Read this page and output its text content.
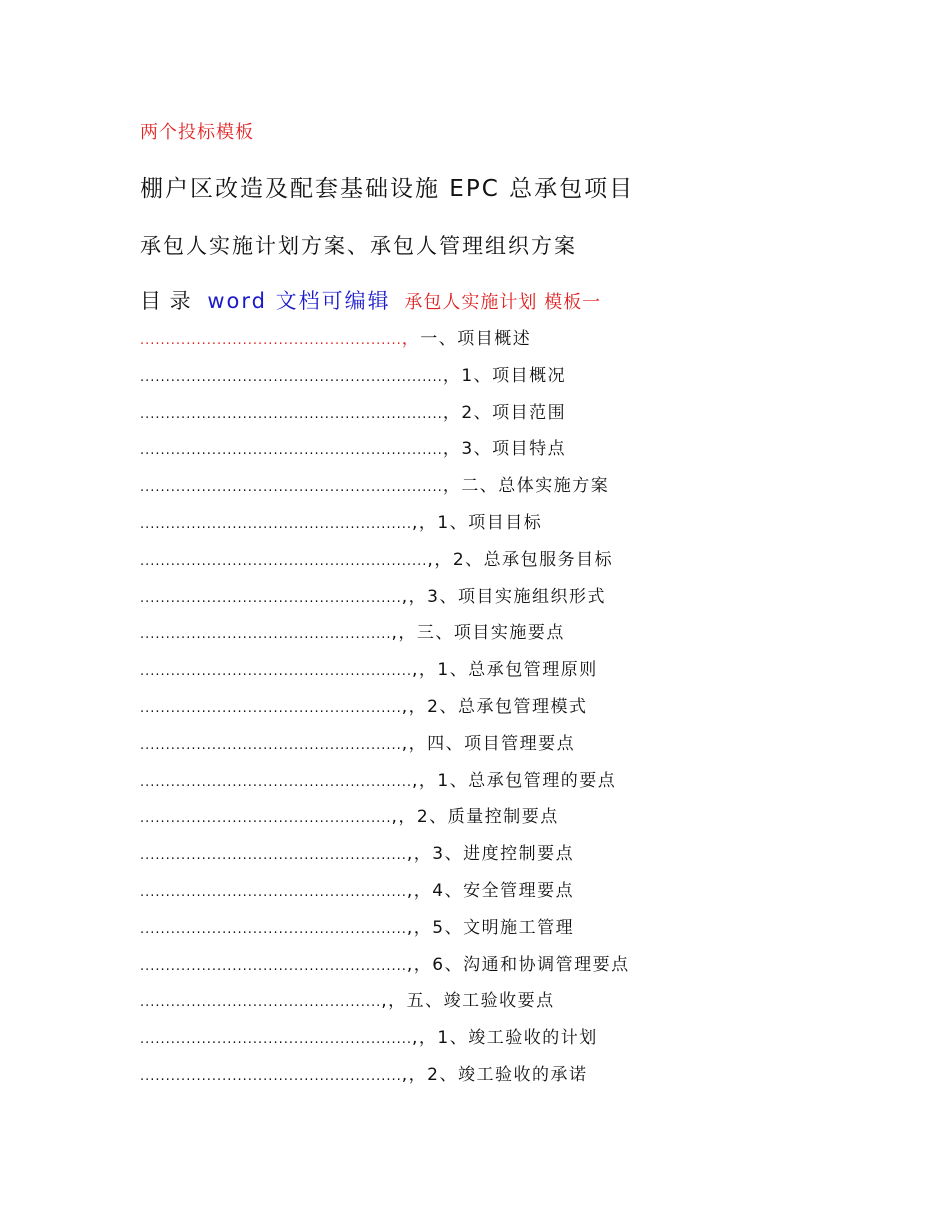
两个投标模板
棚户区改造及配套基础设施 EPC 总承包项目
承包人实施计划方案、承包人管理组织方案
目 录 word 文档可编辑 承包人实施计划 模板一
...................................................，一、项目概述
...........................................................，1、项目概况
...........................................................，2、项目范围
...........................................................，3、项目特点
...........................................................，二、总体实施方案
.....................................................,，1、项目目标
........................................................,，2、总承包服务目标
...................................................,，3、项目实施组织形式
.................................................,，三、项目实施要点
.....................................................,，1、总承包管理原则
...................................................,，2、总承包管理模式
...................................................,，四、项目管理要点
.....................................................,，1、总承包管理的要点
.................................................,，2、质量控制要点
....................................................,，3、进度控制要点
....................................................,，4、安全管理要点
....................................................,，5、文明施工管理
....................................................,，6、沟通和协调管理要点
...............................................,，五、竣工验收要点
.....................................................,，1、竣工验收的计划
...................................................,，2、竣工验收的承诺
